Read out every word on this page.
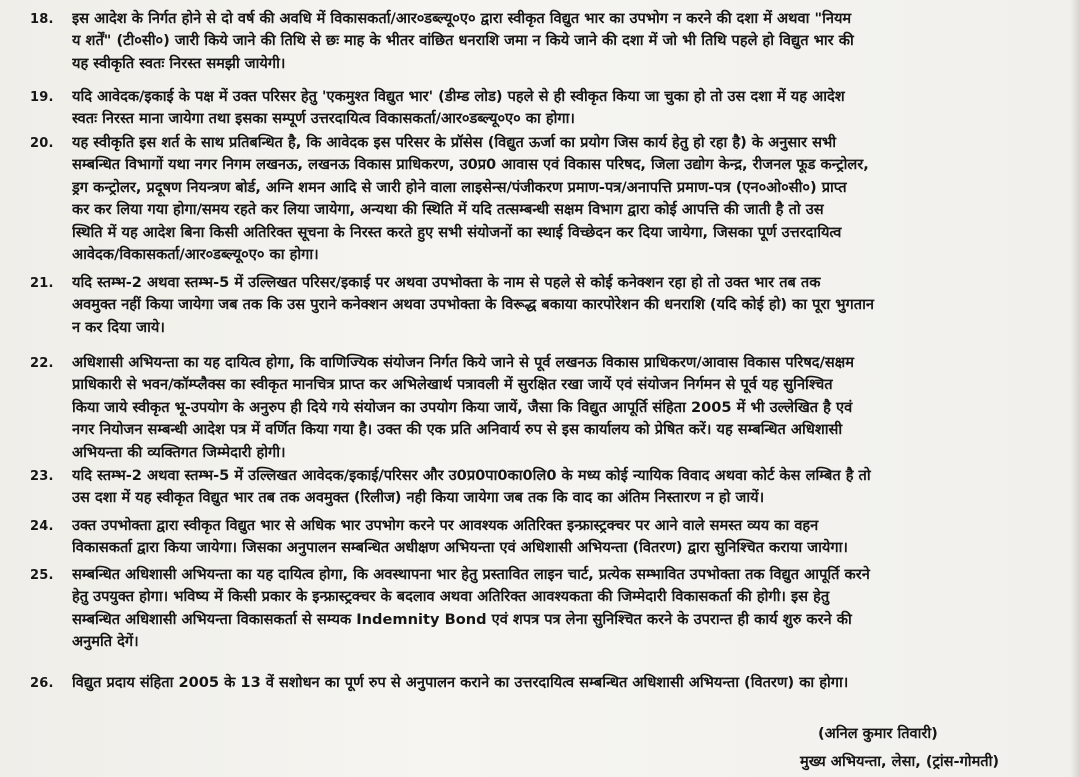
18. इस आदेश के निर्गत होने से दो वर्ष की अवधि में विकासकर्ता/आर०डब्ल्यू०ए० द्वारा स्वीकृत विद्युत भार का उपभोग न करने की दशा में अथवा "नियम
य शर्तें" (टी०सी०) जारी किये जाने की तिथि से छः माह के भीतर वांछित धनराशि जमा न किये जाने की दशा में जो भी तिथि पहले हो विद्युत भार की
यह स्वीकृति स्वतः निरस्त समझी जायेगी।
19. यदि आवेदक/इकाई के पक्ष में उक्त परिसर हेतु 'एकमुश्त विद्युत भार' (डीम्ड लोड) पहले से ही स्वीकृत किया जा चुका हो तो उस दशा में यह आदेश
स्वतः निरस्त माना जायेगा तथा इसका सम्पूर्ण उत्तरदायित्व विकासकर्ता/आर०डब्ल्यू०ए० का होगा।
20. यह स्वीकृति इस शर्त के साथ प्रतिबन्धित है, कि आवेदक इस परिसर के प्रॉसेस (विद्युत ऊर्जा का प्रयोग जिस कार्य हेतु हो रहा है) के अनुसार सभी
सम्बन्धित विभागों यथा नगर निगम लखनऊ, लखनऊ विकास प्राधिकरण, उ0प्र0 आवास एवं विकास परिषद, जिला उद्योग केन्द्र, रीजनल फूड कन्ट्रोलर,
ड्रग कन्ट्रोलर, प्रदूषण नियन्त्रण बोर्ड, अग्नि शमन आदि से जारी होने वाला लाइसेन्स/पंजीकरण प्रमाण-पत्र/अनापत्ति प्रमाण-पत्र (एन०ओ०सी०) प्राप्त
कर कर लिया गया होगा/समय रहते कर लिया जायेगा, अन्यथा की स्थिति में यदि तत्सम्बन्धी सक्षम विभाग द्वारा कोई आपत्ति की जाती है तो उस
स्थिति में यह आदेश बिना किसी अतिरिक्त सूचना के निरस्त करते हुए सभी संयोजनों का स्थाई विच्छेदन कर दिया जायेगा, जिसका पूर्ण उत्तरदायित्व
आवेदक/विकासकर्ता/आर०डब्ल्यू०ए० का होगा।
21. यदि स्तम्भ-2 अथवा स्तम्भ-5 में उल्लिखत परिसर/इकाई पर अथवा उपभोक्ता के नाम से पहले से कोई कनेक्शन रहा हो तो उक्त भार तब तक
अवमुक्त नहीं किया जायेगा जब तक कि उस पुराने कनेक्शन अथवा उपभोक्ता के विरूद्ध बकाया कारपोरेशन की धनराशि (यदि कोई हो) का पूरा भुगतान
न कर दिया जाये।
22. अधिशासी अभियन्ता का यह दायित्व होगा, कि वाणिज्यिक संयोजन निर्गत किये जाने से पूर्व लखनऊ विकास प्राधिकरण/आवास विकास परिषद/सक्षम
प्राधिकारी से भवन/कॉम्प्लैक्स का स्वीकृत मानचित्र प्राप्त कर अभिलेखार्थ पत्रावली में सुरक्षित रखा जायें एवं संयोजन निर्गमन से पूर्व यह सुनिश्चित
किया जाये स्वीकृत भू-उपयोग के अनुरुप ही दिये गये संयोजन का उपयोग किया जायें, जैसा कि विद्युत आपूर्ति संहिता 2005 में भी उल्लेखित है एवं
नगर नियोजन सम्बन्धी आदेश पत्र में वर्णित किया गया है। उक्त की एक प्रति अनिवार्य रुप से इस कार्यालय को प्रेषित करें। यह सम्बन्धित अधिशासी
अभियन्ता की व्यक्तिगत जिम्मेदारी होगी।
23. यदि स्तम्भ-2 अथवा स्तम्भ-5 में उल्लिखत आवेदक/इकाई/परिसर और उ0प्र0पा0का0लि0 के मध्य कोई न्यायिक विवाद अथवा कोर्ट केस लम्बित है तो
उस दशा में यह स्वीकृत विद्युत भार तब तक अवमुक्त (रिलीज) नही किया जायेगा जब तक कि वाद का अंतिम निस्तारण न हो जायें।
24. उक्त उपभोक्ता द्वारा स्वीकृत विद्युत भार से अधिक भार उपभोग करने पर आवश्यक अतिरिक्त इन्फ्रास्ट्रक्चर पर आने वाले समस्त व्यय का वहन
विकासकर्ता द्वारा किया जायेगा। जिसका अनुपालन सम्बन्धित अधीक्षण अभियन्ता एवं अधिशासी अभियन्ता (वितरण) द्वारा सुनिश्चित कराया जायेगा।
25. सम्बन्धित अधिशासी अभियन्ता का यह दायित्व होगा, कि अवस्थापना भार हेतु प्रस्तावित लाइन चार्ट, प्रत्येक सम्भावित उपभोक्ता तक विद्युत आपूर्ति करने
हेतु उपयुक्त होगा। भविष्य में किसी प्रकार के इन्फ्रास्ट्रक्चर के बदलाव अथवा अतिरिक्त आवश्यकता की जिम्मेदारी विकासकर्ता की होगी। इस हेतु
सम्बन्धित अधिशासी अभियन्ता विकासकर्ता से सम्यक Indemnity Bond एवं शपत्र पत्र लेना सुनिश्चित करने के उपरान्त ही कार्य शुरु करने की
अनुमति देगें।
26. विद्युत प्रदाय संहिता 2005 के 13 वें सशोधन का पूर्ण रुप से अनुपालन कराने का उत्तरदायित्व सम्बन्धित अधिशासी अभियन्ता (वितरण) का होगा।
(अनिल कुमार तिवारी)
मुख्य अभियन्ता, लेसा, (ट्रांस-गोमती)
